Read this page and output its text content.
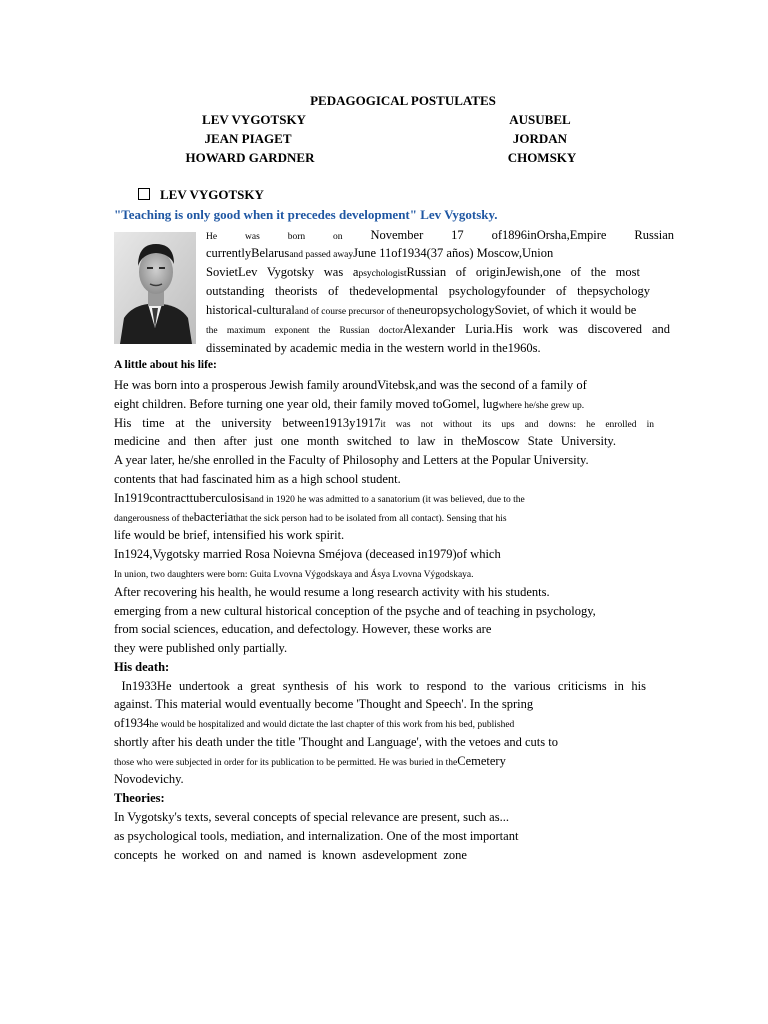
PEDAGOGICAL POSTULATES
LEV VYGOTSKY	AUSUBEL
JEAN PIAGET	JORDAN
HOWARD GARDNER	CHOMSKY
LEV VYGOTSKY
"Teaching is only good when it precedes development" Lev Vygotsky.
He	was	born	on November 17 of1896inOrsha,Empire Russian
currentlyBelarusand passed awayJune 11of1934(37 años) Moscow,Union
SovietLev Vygotsky was apsychologistRussian of originJewish,one of the most
outstanding theorists of thedevelopmental psychologyfounder of thepsychology
historical-culturaland of course precursor of theneuropsychologySoviet, of which it would be
the maximum exponent the Russian doctorAlexander Luria.His work was discovered and
disseminated by academic media in the western world in the1960s.
A little about his life:
He was born into a prosperous Jewish family aroundVitebsk,and was the second of a family of
eight children. Before turning one year old, their family moved toGomel, lugwhere he/she grew up.
His time at the university between1913y1917it was not without its ups and downs: he enrolled in
medicine and then after just one month switched to law in theMoscow State University.
A year later, he/she enrolled in the Faculty of Philosophy and Letters at the Popular University.
contents that had fascinated him as a high school student.
In1919contracttuberculosisand in 1920 he was admitted to a sanatorium (it was believed, due to the
dangerousness of thebacteriathat the sick person had to be isolated from all contact). Sensing that his
life would be brief, intensified his work spirit.
In1924,Vygotsky married Rosa Noievna Sméjova (deceased in1979)of which
In union, two daughters were born: Guita Lvovna Výgodskaya and Ásya Lvovna Výgodskaya.
After recovering his health, he would resume a long research activity with his students.
emerging from a new cultural historical conception of the psyche and of teaching in psychology,
from social sciences, education, and defectology. However, these works are
they were published only partially.
His death:
In1933He undertook a great synthesis of his work to respond to the various criticisms in his
against. This material would eventually become 'Thought and Speech'. In the spring
of1934he would be hospitalized and would dictate the last chapter of this work from his bed, published
shortly after his death under the title 'Thought and Language', with the vetoes and cuts to
those who were subjected in order for its publication to be permitted. He was buried in theCemetery
Novodevichy.
Theories:
In Vygotsky's texts, several concepts of special relevance are present, such as...
as psychological tools, mediation, and internalization. One of the most important
concepts he worked on and named is known asdevelopment zone
